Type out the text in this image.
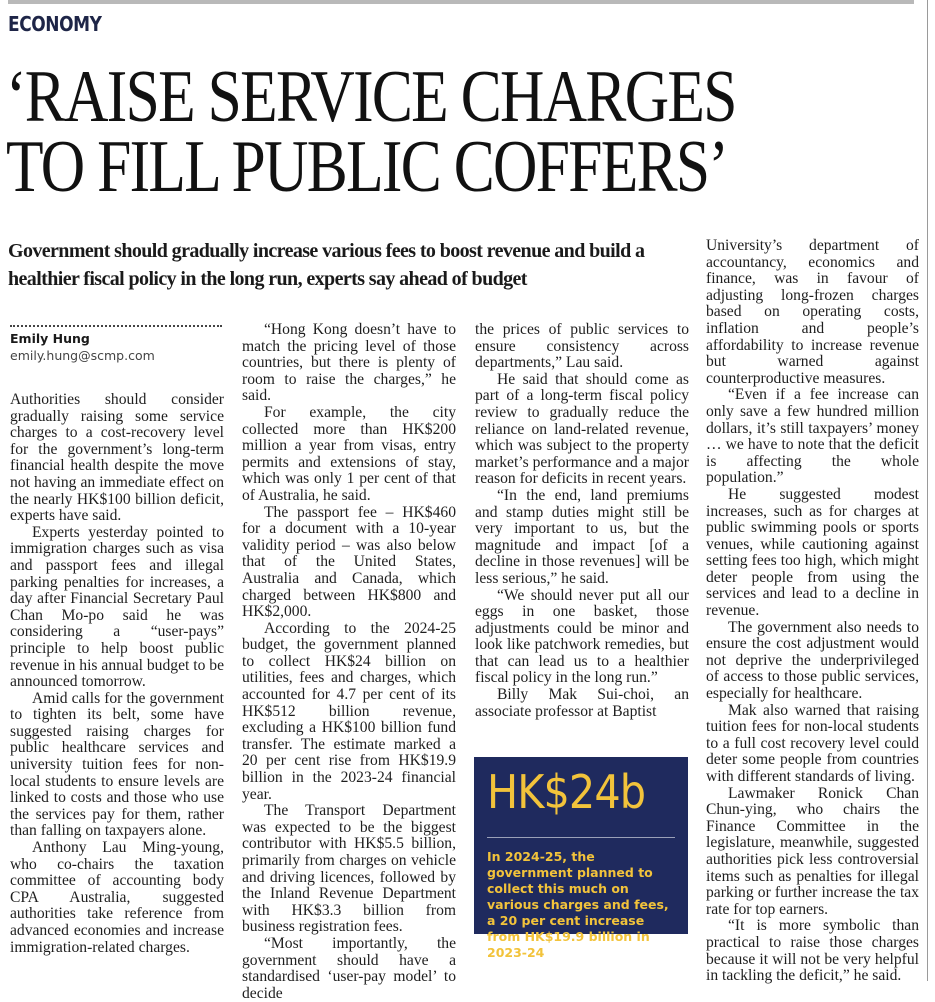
ECONOMY
‘RAISE SERVICE CHARGES
TO FILL PUBLIC COFFERS’
Government should gradually increase various fees to boost revenue and build a healthier fiscal policy in the long run, experts say ahead of budget
Emily Hung
emily.hung@scmp.com

Authorities should consider gradually raising some service charges to a cost-recovery level for the government’s long-term financial health despite the move not having an immediate effect on the nearly HK$100 billion deficit, experts have said.

Experts yesterday pointed to immigration charges such as visa and passport fees and illegal parking penalties for increases, a day after Financial Secretary Paul Chan Mo-po said he was considering a “user-pays” principle to help boost public revenue in his annual budget to be announced tomorrow.

Amid calls for the government to tighten its belt, some have suggested raising charges for public healthcare services and university tuition fees for non-local students to ensure levels are linked to costs and those who use the services pay for them, rather than falling on taxpayers alone.

Anthony Lau Ming-young, who co-chairs the taxation committee of accounting body CPA Australia, suggested authorities take reference from advanced economies and increase immigration-related charges.

“Hong Kong doesn’t have to match the pricing level of those countries, but there is plenty of room to raise the charges,” he said.

For example, the city collected more than HK$200 million a year from visas, entry permits and extensions of stay, which was only 1 per cent of that of Australia, he said.

The passport fee – HK$460 for a document with a 10-year validity period – was also below that of the United States, Australia and Canada, which charged between HK$800 and HK$2,000.

According to the 2024-25 budget, the government planned to collect HK$24 billion on utilities, fees and charges, which accounted for 4.7 per cent of its HK$512 billion revenue, excluding a HK$100 billion fund transfer. The estimate marked a 20 per cent rise from HK$19.9 billion in the 2023-24 financial year.

The Transport Department was expected to be the biggest contributor with HK$5.5 billion, primarily from charges on vehicle and driving licences, followed by the Inland Revenue Department with HK$3.3 billion from business registration fees.

“Most importantly, the government should have a standardised ‘user-pay model’ to decide

the prices of public services to ensure consistency across departments,” Lau said.

He said that should come as part of a long-term fiscal policy review to gradually reduce the reliance on land-related revenue, which was subject to the property market’s performance and a major reason for deficits in recent years.

“In the end, land premiums and stamp duties might still be very important to us, but the magnitude and impact [of a decline in those revenues] will be less serious,” he said.

“We should never put all our eggs in one basket, those adjustments could be minor and look like patchwork remedies, but that can lead us to a healthier fiscal policy in the long run.”

Billy Mak Sui-choi, an associate professor at Baptist

HK$24b
In 2024-25, the government planned to collect this much on various charges and fees, a 20 per cent increase from HK$19.9 billion in 2023-24

University’s department of accountancy, economics and finance, was in favour of adjusting long-frozen charges based on operating costs, inflation and people’s affordability to increase revenue but warned against counterproductive measures.

“Even if a fee increase can only save a few hundred million dollars, it’s still taxpayers’ money … we have to note that the deficit is affecting the whole population.”

He suggested modest increases, such as for charges at public swimming pools or sports venues, while cautioning against setting fees too high, which might deter people from using the services and lead to a decline in revenue.

The government also needs to ensure the cost adjustment would not deprive the underprivileged of access to those public services, especially for healthcare.

Mak also warned that raising tuition fees for non-local students to a full cost recovery level could deter some people from countries with different standards of living.

Lawmaker Ronick Chan Chun-ying, who chairs the Finance Committee in the legislature, meanwhile, suggested authorities pick less controversial items such as penalties for illegal parking or further increase the tax rate for top earners.

“It is more symbolic than practical to raise those charges because it will not be very helpful in tackling the deficit,” he said.
